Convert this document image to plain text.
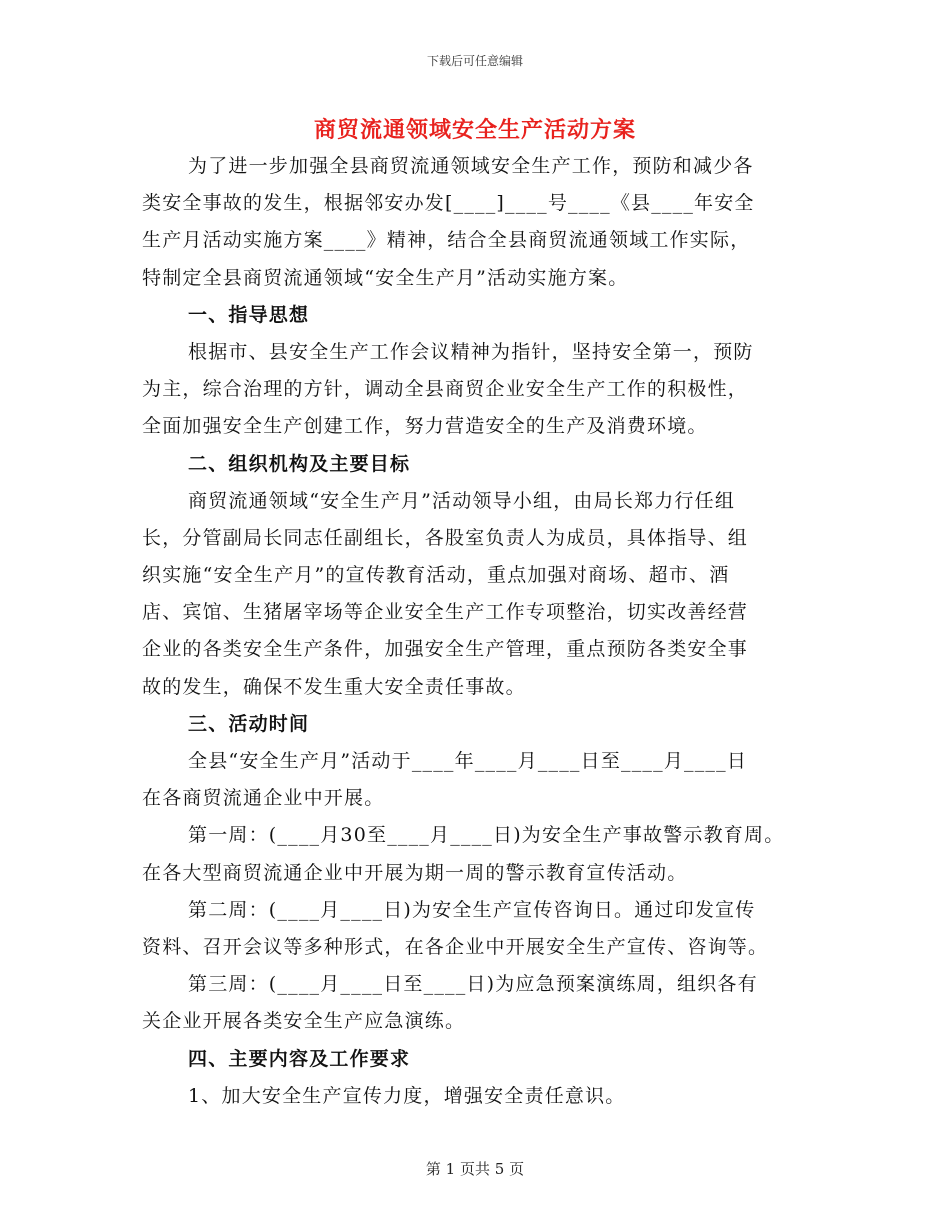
下载后可任意编辑
商贸流通领域安全生产活动方案
为了进一步加强全县商贸流通领域安全生产工作，预防和减少各
类安全事故的发生，根据邻安办发[____]____号____《县____年安全
生产月活动实施方案____》精神，结合全县商贸流通领域工作实际，
特制定全县商贸流通领域“安全生产月”活动实施方案。
一、指导思想
根据市、县安全生产工作会议精神为指针，坚持安全第一，预防
为主，综合治理的方针，调动全县商贸企业安全生产工作的积极性，
全面加强安全生产创建工作，努力营造安全的生产及消费环境。
二、组织机构及主要目标
商贸流通领域“安全生产月”活动领导小组，由局长郑力行任组
长，分管副局长同志任副组长，各股室负责人为成员，具体指导、组
织实施“安全生产月”的宣传教育活动，重点加强对商场、超市、酒
店、宾馆、生猪屠宰场等企业安全生产工作专项整治，切实改善经营
企业的各类安全生产条件，加强安全生产管理，重点预防各类安全事
故的发生，确保不发生重大安全责任事故。
三、活动时间
全县“安全生产月”活动于____年____月____日至____月____日
在各商贸流通企业中开展。
第一周：(____月30至____月____日)为安全生产事故警示教育周。
在各大型商贸流通企业中开展为期一周的警示教育宣传活动。
第二周：(____月____日)为安全生产宣传咨询日。通过印发宣传
资料、召开会议等多种形式，在各企业中开展安全生产宣传、咨询等。
第三周：(____月____日至____日)为应急预案演练周，组织各有
关企业开展各类安全生产应急演练。
四、主要内容及工作要求
1、加大安全生产宣传力度，增强安全责任意识。
第 1 页共 5 页
